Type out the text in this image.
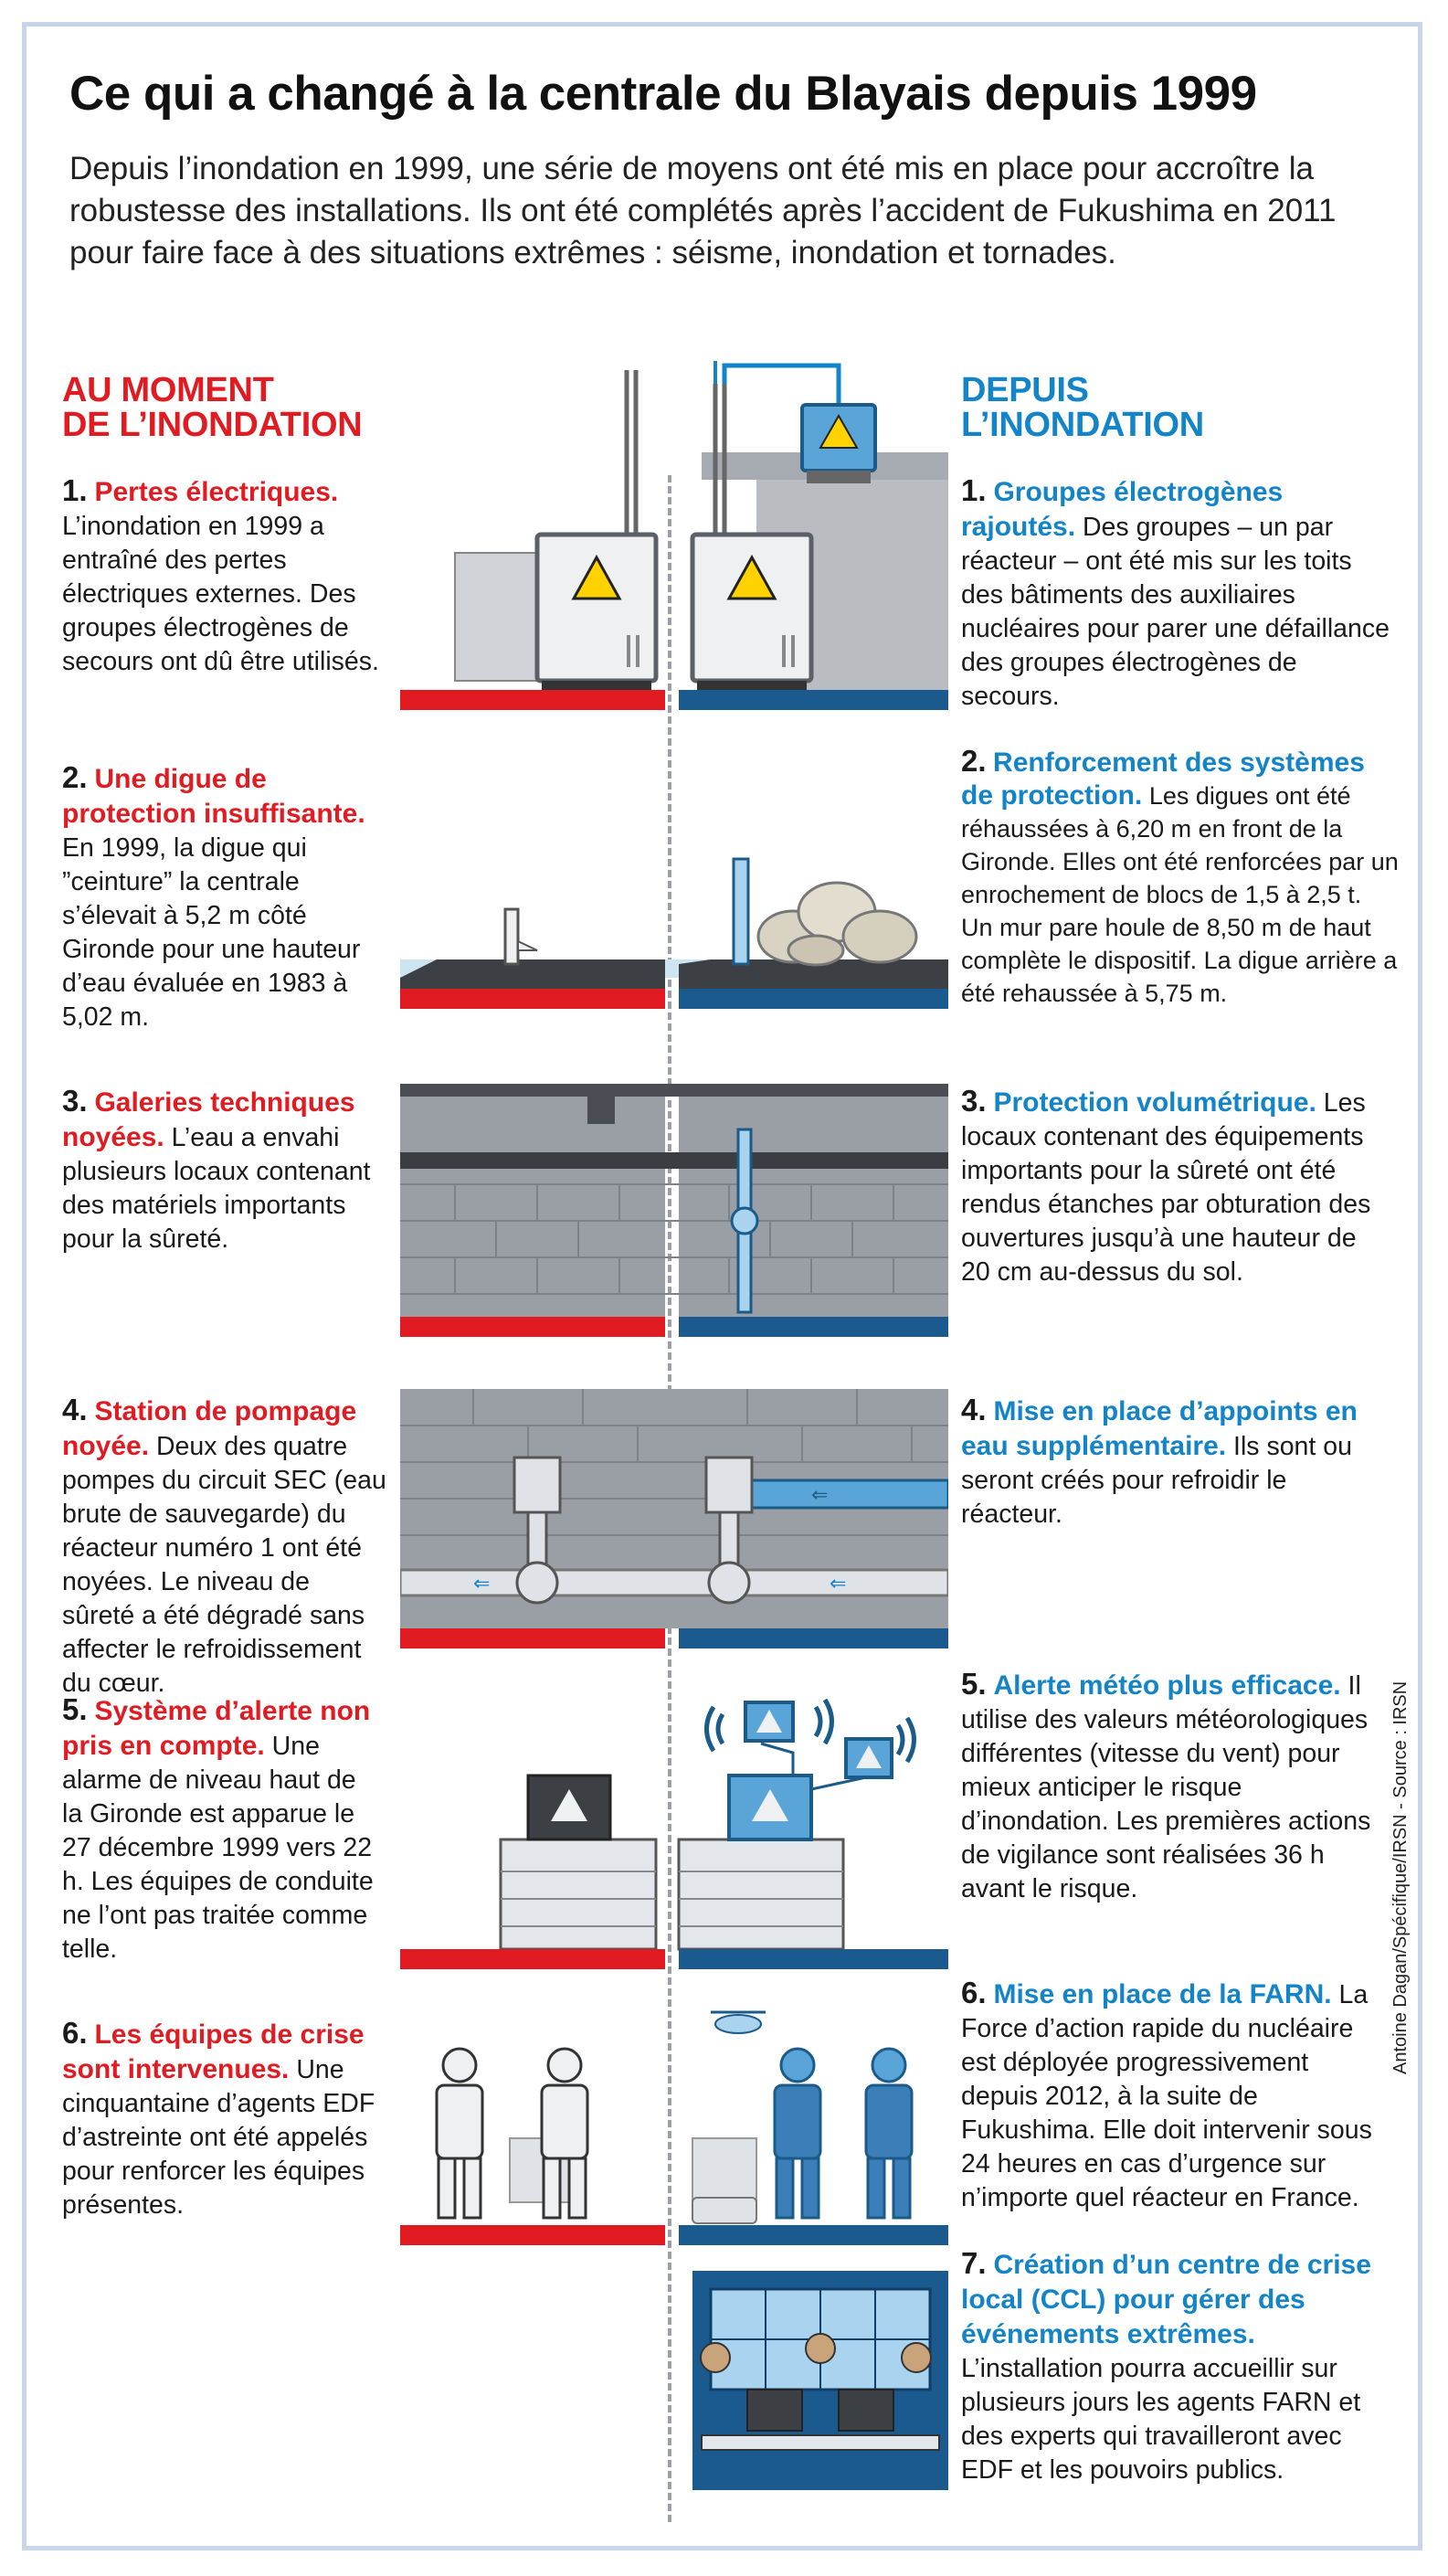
Ce qui a changé à la centrale du Blayais depuis 1999

Depuis l’inondation en 1999, une série de moyens ont été mis en place pour accroître la robustesse des installations. Ils ont été complétés après l’accident de Fukushima en 2011 pour faire face à des situations extrêmes : séisme, inondation et tornades.

AU MOMENT
DE L’INONDATION
DEPUIS
L’INONDATION

1. Pertes électriques. L’inondation en 1999 a entraîné des pertes électriques externes. Des groupes électrogènes de secours ont dû être utilisés.

2. Une digue de protection insuffisante. En 1999, la digue qui ”ceinture” la centrale s’élevait à 5,2 m côté Gironde pour une hauteur d’eau évaluée en 1983 à 5,02 m.

3. Galeries techniques noyées. L’eau a envahi plusieurs locaux contenant des matériels importants pour la sûreté.

4. Station de pompage noyée. Deux des quatre pompes du circuit SEC (eau brute de sauvegarde) du réacteur numéro 1 ont été noyées. Le niveau de sûreté a été dégradé sans affecter le refroidissement du cœur.

5. Système d’alerte non pris en compte. Une alarme de niveau haut de la Gironde est apparue le 27 décembre 1999 vers 22 h. Les équipes de conduite ne l’ont pas traitée comme telle.

6. Les équipes de crise sont intervenues. Une cinquantaine d’agents EDF d’astreinte ont été appelés pour renforcer les équipes présentes.

1. Groupes électrogènes rajoutés. Des groupes – un par réacteur – ont été mis sur les toits des bâtiments des auxiliaires nucléaires pour parer une défaillance des groupes électrogènes de secours.

2. Renforcement des systèmes de protection. Les digues ont été réhaussées à 6,20 m en front de la Gironde. Elles ont été renforcées par un enrochement de blocs de 1,5 à 2,5 t. Un mur pare houle de 8,50 m de haut complète le dispositif. La digue arrière a été rehaussée à 5,75 m.

3. Protection volumétrique. Les locaux contenant des équipements importants pour la sûreté ont été rendus étanches par obturation des ouvertures jusqu’à une hauteur de 20 cm au-dessus du sol.

4. Mise en place d’appoints en eau supplémentaire. Ils sont ou seront créés pour refroidir le réacteur.

5. Alerte météo plus efficace. Il utilise des valeurs météorologiques différentes (vitesse du vent) pour mieux anticiper le risque d’inondation. Les premières actions de vigilance sont réalisées 36 h avant le risque.

6. Mise en place de la FARN. La Force d’action rapide du nucléaire est déployée progressivement depuis 2012, à la suite de Fukushima. Elle doit intervenir sous 24 heures en cas d’urgence sur n’importe quel réacteur en France.

7. Création d’un centre de crise local (CCL) pour gérer des événements extrêmes. L’installation pourra accueillir sur plusieurs jours les agents FARN et des experts qui travailleront avec EDF et les pouvoirs publics.

⇐	⇐
⇐
Antoine Dagan/Spécifique/IRSN - Source : IRSN
